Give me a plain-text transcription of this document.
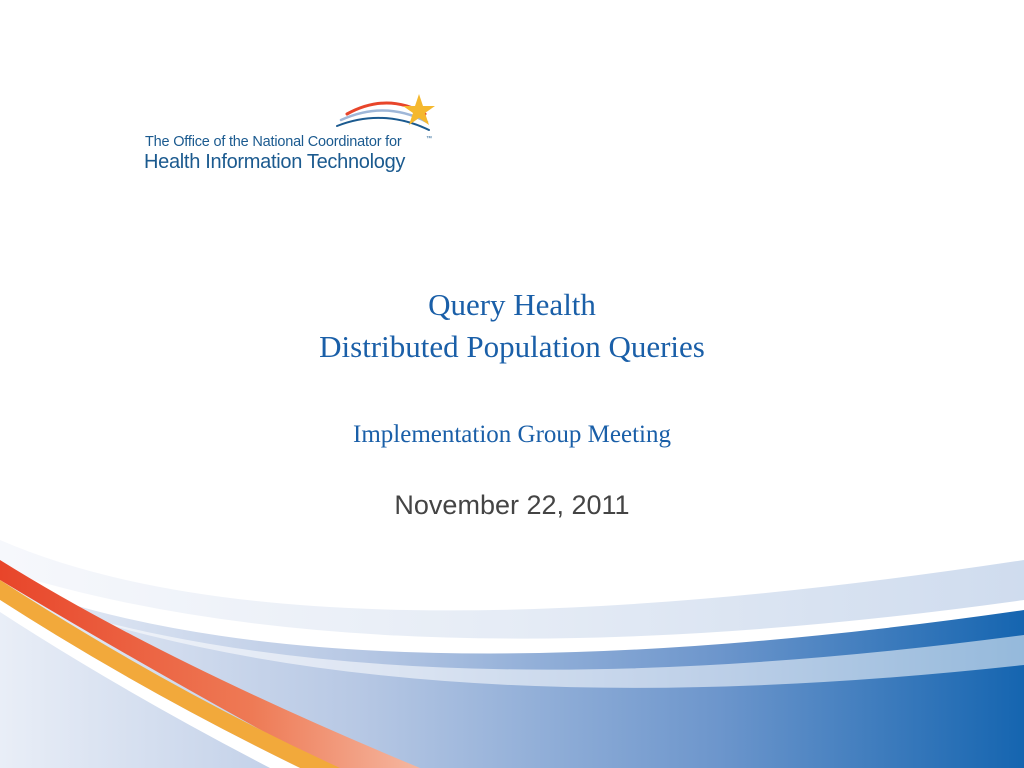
The Office of the National Coordinator for	™
Health Information Technology
Query Health
Distributed Population Queries
Implementation Group Meeting
November 22, 2011
